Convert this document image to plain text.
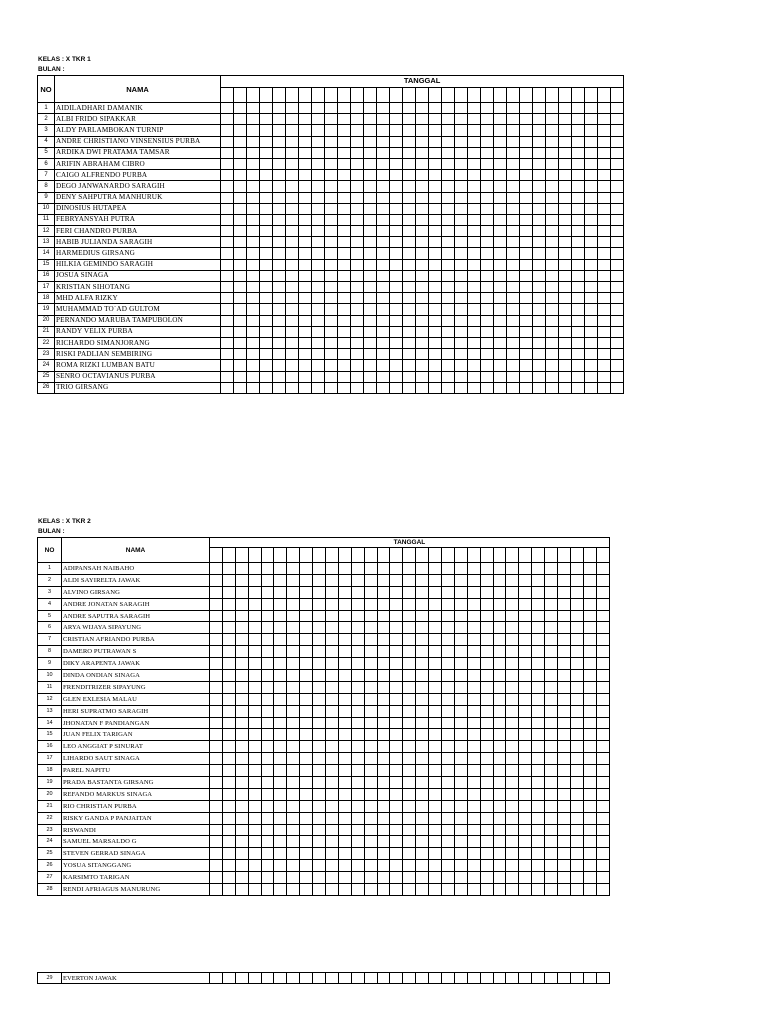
KELAS : X TKR 1
BULAN :
NO	NAMA	TANGGAL																														

1	AIDILADHARI DAMANIK																															
2	ALBI FRIDO SIPAKKAR																															
3	ALDY PARLAMBOKAN TURNIP																															
4	ANDRE CHRISTIANO VINSENSIUS PURBA																															
5	ARDIKA DWI PRATAMA TAMSAR																															
6	ARIFIN ABRAHAM CIBRO																															
7	CAIGO ALFRENDO PURBA																															
8	DEGO JANWANARDO SARAGIH																															
9	DENY SAHPUTRA MANHURUK																															
10	DINOSIUS HUTAPEA																															
11	FEBRYANSYAH PUTRA																															
12	FERI CHANDRO PURBA																															
13	HABIB JULIANDA SARAGIH																															
14	HARMEDIUS GIRSANG																															
15	HILKIA GEMINDO SARAGIH																															
16	JOSUA SINAGA																															
17	KRISTIAN SIHOTANG																															
18	MHD ALFA RIZKY																															
19	MUHAMMAD TO`AD GULTOM																															
20	PERNANDO MARUBA TAMPUBOLON																															
21	RANDY VELIX PURBA																															
22	RICHARDO SIMANJORANG																															
23	RISKI PADLIAN SEMBIRING																															
24	ROMA RIZKI LUMBAN BATU																															
25	SENRO OCTAVIANUS PURBA																															
26	TRIO GIRSANG																															
KELAS : X TKR 2
BULAN :
NO	NAMA	TANGGAL																														

1	ADIPANSAH NAIBAHO																															
2	ALDI SAYIRELTA JAWAK																															
3	ALVINO GIRSANG																															
4	ANDRE JONATAN SARAGIH																															
5	ANDRE SAPUTRA SARAGIH																															
6	ARYA WIJAYA SIPAYUNG																															
7	CRISTIAN AFRIANDO PURBA																															
8	DAMERO PUTRAWAN S																															
9	DIKY ARAPENTA JAWAK																															
10	DINDA ONDIAN SINAGA																															
11	FRENDITRIZER SIPAYUNG																															
12	GLEN EXLESIA MALAU																															
13	HERI SUPRATMO SARAGIH																															
14	JHONATAN F PANDIANGAN																															
15	JUAN FELIX TARIGAN																															
16	LEO ANGGIAT P SINURAT																															
17	LIHARDO SAUT SINAGA																															
18	PAREL NAPITU																															
19	PRADA BASTANTA GIRSANG																															
20	REFANDO MARKUS SINAGA																															
21	RIO CHRISTIAN PURBA																															
22	RISKY GANDA P PANJAITAN																															
23	RISWANDI																															
24	SAMUEL MARSALDO G																															
25	STEVEN GERRAD SINAGA																															
26	YOSUA SITANGGANG																															
27	KARSIMTO TARIGAN																															
28	RENDI AFRIAGUS MANURUNG																															
29	EVERTON JAWAK																															
